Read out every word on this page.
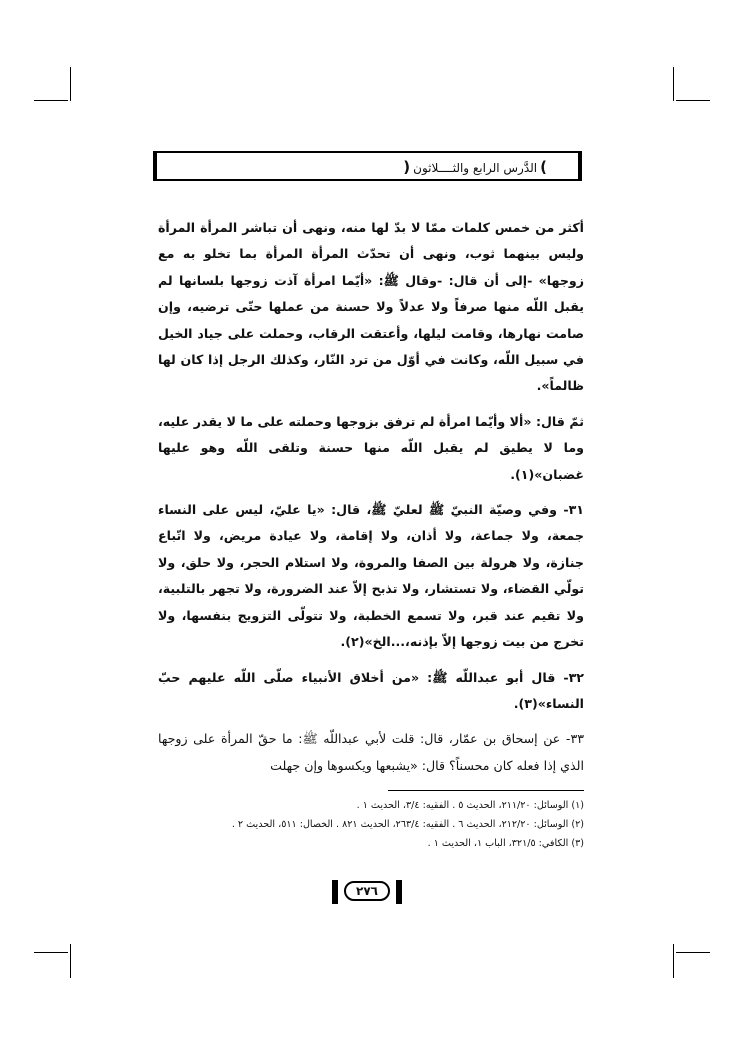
)الدَّرس الرابع والثــــلاثون(

أكثر من خمس كلمات ممّا لا بدّ لها منه، ونهى أن تباشر المرأة المرأة وليس بينهما ثوب، ونهى أن تحدّث المرأة المرأة بما تخلو به مع زوجها» -إلى أن قال: -وقال ﷺ: «أيّما امرأة آذت زوجها بلسانها لم يقبل اللّه منها صرفاً ولا عدلاً ولا حسنة من عملها حتّى ترضيه، وإن صامت نهارها، وقامت ليلها، وأعتقت الرقاب، وحملت على جياد الخيل في سبيل اللّه، وكانت في أوّل من ترد النّار، وكذلك الرجل إذا كان لها ظالماً».

ثمّ قال: «ألا وأيّما امرأة لم ترفق بزوجها وحملته على ما لا يقدر عليه، وما لا يطيق لم يقبل اللّه منها حسنة وتلقى اللّه وهو عليها غضبان»(١).

٣١- وفي وصيّة النبيّ ﷺ لعليّ ﷺ، قال: «يا عليّ، ليس على النساء جمعة، ولا جماعة، ولا أذان، ولا إقامة، ولا عيادة مريض، ولا اتّباع جنازة، ولا هرولة بين الصفا والمروة، ولا استلام الحجر، ولا حلق، ولا تولّي القضاء، ولا تستشار، ولا تذبح إلاّ عند الضرورة، ولا تجهر بالتلبية، ولا تقيم عند قبر، ولا تسمع الخطبة، ولا تتولّى التزويج بنفسها، ولا تخرج من بيت زوجها إلاّ بإذنه،...الخ»(٢).

٣٢- قال أبو عبداللّه ﷺ: «من أخلاق الأنبياء صلّى اللّه عليهم حبّ النساء»(٣).

٣٣- عن إسحاق بن عمّار، قال: قلت لأبي عبداللّه ﷺ: ما حقّ المرأة على زوجها الذي إذا فعله كان محسناً؟ قال: «يشبعها ويكسوها وإن جهلت

(١) الوسائل: ٢١١/٢٠، الحديث ٥ . الفقيه: ٣/٤، الحديث ١ .
(٢) الوسائل: ٢١٢/٢٠، الحديث ٦ . الفقيه: ٢٦٣/٤، الحديث ٨٢١ . الخصال: ٥١١، الحديث ٢ .
(٣) الكافي: ٣٢١/٥، الباب ١، الحديث ١ .
٢٧٦
